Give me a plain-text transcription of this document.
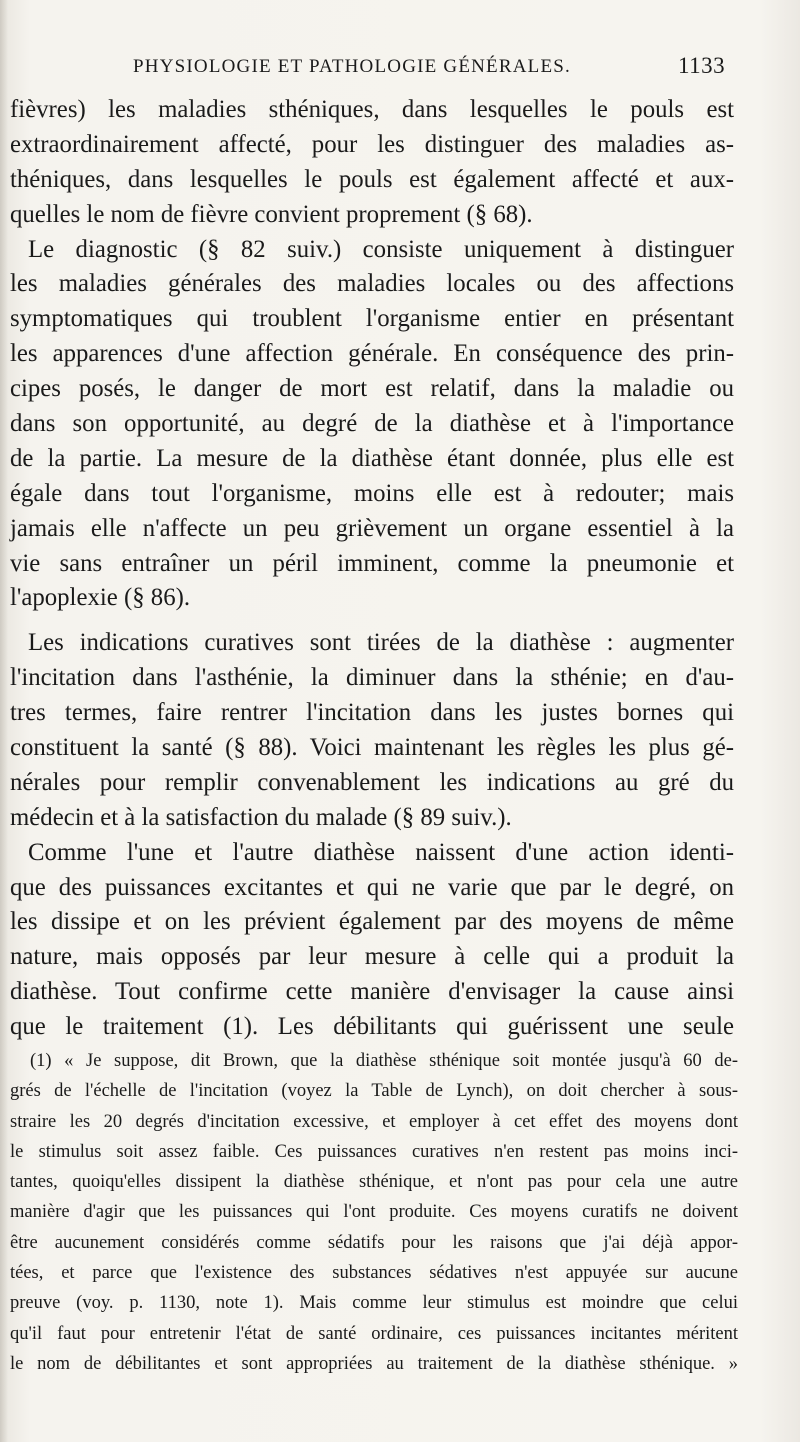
PHYSIOLOGIE ET PATHOLOGIE GÉNÉRALES.	1133
fièvres) les maladies sthéniques, dans lesquelles le pouls est
extraordinairement affecté, pour les distinguer des maladies as-
théniques, dans lesquelles le pouls est également affecté et aux-
quelles le nom de fièvre convient proprement (§ 68).
Le diagnostic (§ 82 suiv.) consiste uniquement à distinguer
les maladies générales des maladies locales ou des affections
symptomatiques qui troublent l'organisme entier en présentant
les apparences d'une affection générale. En conséquence des prin-
cipes posés, le danger de mort est relatif, dans la maladie ou
dans son opportunité, au degré de la diathèse et à l'importance
de la partie. La mesure de la diathèse étant donnée, plus elle est
égale dans tout l'organisme, moins elle est à redouter; mais
jamais elle n'affecte un peu grièvement un organe essentiel à la
vie sans entraîner un péril imminent, comme la pneumonie et
l'apoplexie (§ 86).
Les indications curatives sont tirées de la diathèse : augmenter
l'incitation dans l'asthénie, la diminuer dans la sthénie; en d'au-
tres termes, faire rentrer l'incitation dans les justes bornes qui
constituent la santé (§ 88). Voici maintenant les règles les plus gé-
nérales pour remplir convenablement les indications au gré du
médecin et à la satisfaction du malade (§ 89 suiv.).
Comme l'une et l'autre diathèse naissent d'une action identi-
que des puissances excitantes et qui ne varie que par le degré, on
les dissipe et on les prévient également par des moyens de même
nature, mais opposés par leur mesure à celle qui a produit la
diathèse. Tout confirme cette manière d'envisager la cause ainsi
que le traitement (1). Les débilitants qui guérissent une seule
(1) « Je suppose, dit Brown, que la diathèse sthénique soit montée jusqu'à 60 de-
grés de l'échelle de l'incitation (voyez la Table de Lynch), on doit chercher à sous-
straire les 20 degrés d'incitation excessive, et employer à cet effet des moyens dont
le stimulus soit assez faible. Ces puissances curatives n'en restent pas moins inci-
tantes, quoiqu'elles dissipent la diathèse sthénique, et n'ont pas pour cela une autre
manière d'agir que les puissances qui l'ont produite. Ces moyens curatifs ne doivent
être aucunement considérés comme sédatifs pour les raisons que j'ai déjà appor-
tées, et parce que l'existence des substances sédatives n'est appuyée sur aucune
preuve (voy. p. 1130, note 1). Mais comme leur stimulus est moindre que celui
qu'il faut pour entretenir l'état de santé ordinaire, ces puissances incitantes méritent
le nom de débilitantes et sont appropriées au traitement de la diathèse sthénique. »
